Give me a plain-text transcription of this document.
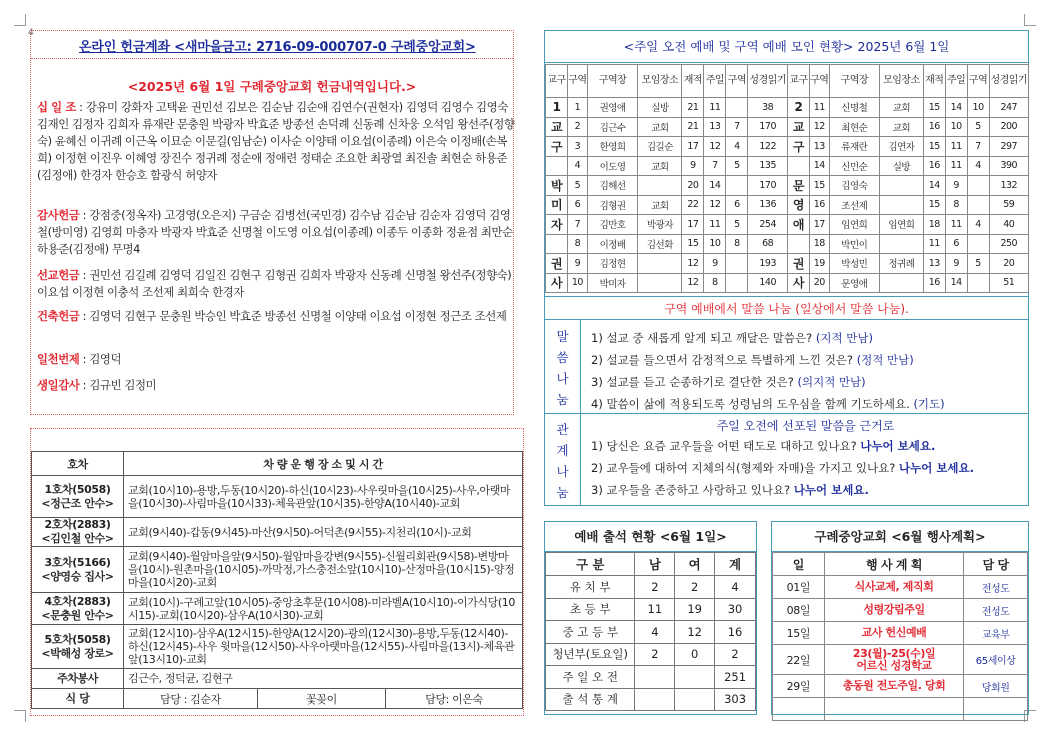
4
온라인 헌금계좌 <새마을금고: 2716-09-000707-0 구례중앙교회>
<2025년 6월 1일 구례중앙교회 헌금내역입니다.>
십 일 조 : 강유미 강화자 고택윤 권민선 김보은 김순남 김순애 김연수(권현자) 김영덕 김영수 김영숙 김재인 김정자 김희자 류재란 문충원 박광자 박효준 방종선 손덕례 신동례 신차웅 오석임 왕선주(정향숙) 윤혜신 이귀례 이근옥 이묘순 이문길(임남순) 이사순 이양태 이요섭(이종례) 이은숙 이정배(손복희) 이정현 이진우 이혜영 장진수 정귀례 정순애 정애련 정태순 조요한 최광열 최진솔 최현순 하용준(김정애) 한경자 한승호 함광식 허양자
감사헌금 : 강점중(정옥자) 고경영(오은지) 구금순 김병선(국민경) 김수남 김순남 김순자 김영덕 김영철(방미영) 김영희 마충자 박광자 박효준 신명철 이도영 이요섭(이종례) 이종두 이종화 정윤점 최만순 하용준(김정애) 무명4
선교헌금 : 권민선 김길례 김영덕 김일진 김현구 김형권 김희자 박광자 신동례 신명철 왕선주(정향숙) 이요섭 이정현 이충석 조선제 최희숙 한경자
건축헌금 : 김영덕 김현구 문충원 박승인 박효준 방종선 신명철 이양태 이요섭 이정현 정근조 조선제
일천번제 : 김영덕
생일감사 : 김규빈 김정미
호차	차 량 운 행 장 소 및 시 간		

1호차(5058)
<정근조 안수>	교회(10시10)-용방,두동(10시20)-하신(10시23)-사우릿마을(10시25)-사우,아랫마을(10시30)-사림마을(10시33)-체육관앞(10시35)-한양A(10시40)-교회		

2호차(2883)
<김인철 안수>	교회(9시40)-갑동(9시45)-마산(9시50)-어덕촌(9시55)-지천리(10시)-교회		

3호차(5166)
<양영승 집사>	교회(9시40)-월암마을앞(9시50)-월암마을강변(9시55)-신월리회관(9시58)-변방마을(10시)-원촌마을(10시05)-까막정,가스충전소앞(10시10)-산정마을(10시15)-양정마을(10시20)-교회		

4호차(2883)
<문충원 안수>	교회(10시)-구례고앞(10시05)-중앙초후문(10시08)-미라벨A(10시10)-이가식당(10시15)-교회(10시20)-삼우A(10시30)-교회		

5호차(5058)
<박해성 장로>	교회(12시10)-삼우A(12시15)-한양A(12시20)-광의(12시30)-용방,두동(12시40)-하신(12시45)-사우 윗마을(12시50)-사우아랫마을(12시55)-사림마을(13시)-체육관앞(13시10)-교회		
주차봉사	김근수, 정덕균, 김현구		
식 당	담당 : 김순자	꽃꽂이	담당: 이은숙
<주일 오전 예배 및 구역 예배 모인 현황> 2025년 6월 1일
교구	구역	구역장	모임장소	재적	주일	구역	성경읽기
1	1	권영애	실방	21	11		38
교	2	김근수	교회	21	13	7	170
구	3	한영희	김길순	17	12	4	122
	4	이도영	교회	9	7	5	135
박	5	김해선		20	14		170
미	6	김형권	교회	22	12	6	136
자	7	김만호	박광자	17	11	5	254
	8	이정배	김선화	15	10	8	68
권	9	김정현		12	9		193
사	10	박미자		12	8		140
교구	구역	구역장	모임장소	재적	주일	구역	성경읽기
2	11	신명철	교회	15	14	10	247
교	12	최현순	교회	16	10	5	200
구	13	류재란	김연자	15	11	7	297
	14	신민순	실방	16	11	4	390
문	15	김영숙		14	9		132
영	16	조선제		15	8		59
애	17	임연희	임연희	18	11	4	40
	18	박민이		11	6		250
권	19	박성민	정귀례	13	9	5	20
사	20	문영애		16	14		51
구역 예배에서 말씀 나눔 (일상에서 말씀 나눔).
말
씀
나
눔
1) 설교 중 새롭게 알게 되고 깨달은 말씀은? (지적 만남)
2) 설교를 들으면서 감정적으로 특별하게 느낀 것은? (정적 만남)
3) 설교를 듣고 순종하기로 결단한 것은? (의지적 만남)
4) 말씀이 삶에 적용되도록 성령님의 도우심을 함께 기도하세요. (기도)
관
계
나
눔
주일 오전에 선포된 말씀을 근거로
1) 당신은 요즘 교우들을 어떤 태도로 대하고 있나요? 나누어 보세요.
2) 교우들에 대하여 지체의식(형제와 자매)을 가지고 있나요? 나누어 보세요.
3) 교우들을 존중하고 사랑하고 있나요? 나누어 보세요.
예배 출석 현황 <6월 1일>
구 분	남	여	계
유 치 부	2	2	4
초 등 부	11	19	30
중 고 등 부	4	12	16
청년부(토요일)	2	0	2
주 일 오 전			251
출 석 통 계			303
구례중앙교회 <6월 행사계획>
일	행 사 계 획	담 당
01일	식사교제, 제직회	전성도
08일	성령강림주일	전성도
15일	교사 헌신예배	교육부
22일	23(월)-25(수)일
어르신 성경학교	65세이상
29일	총동원 전도주일. 당회	당회원
